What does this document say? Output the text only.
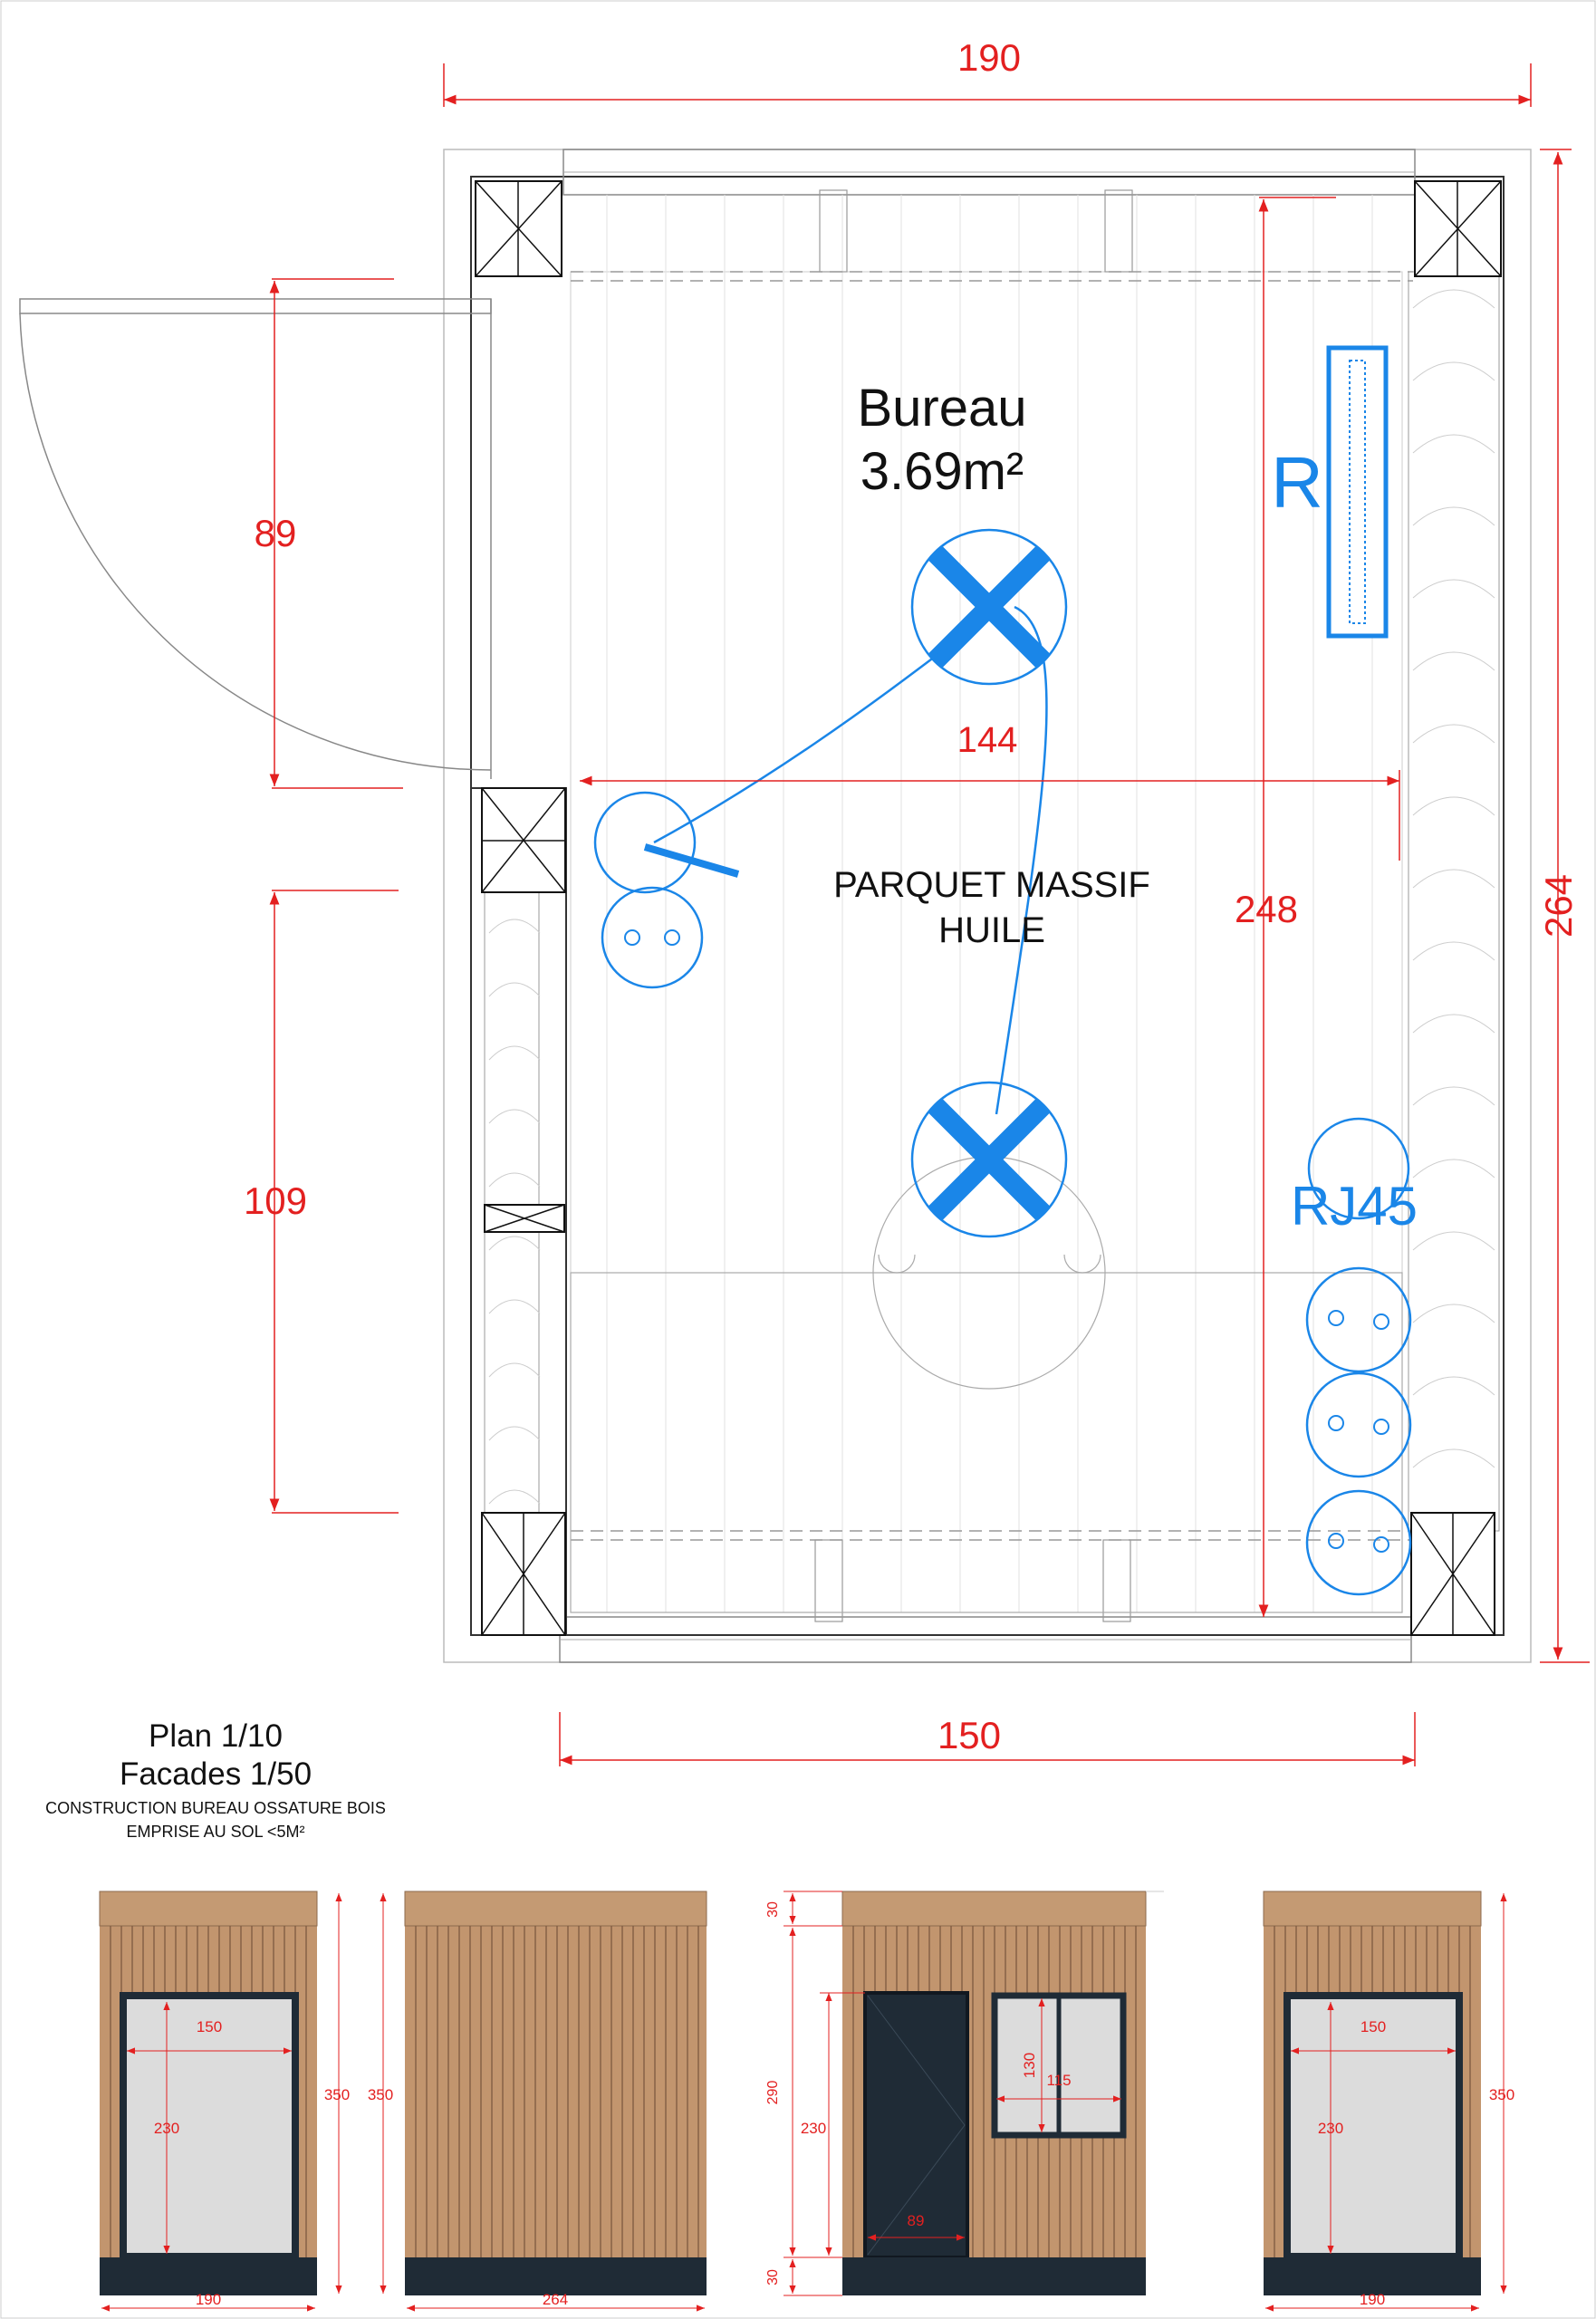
Bureau
3.69m²
PARQUET MASSIF
HUILE
R
RJ45
190
144
248
89
109
150
264
Plan 1/10
Facades 1/50
CONSTRUCTION BUREAU OSSATURE BOIS
EMPRISE AU SOL <5M²
150
230
350
190
350
264
30
290
30
230
89
130
115
150
230
350
190
